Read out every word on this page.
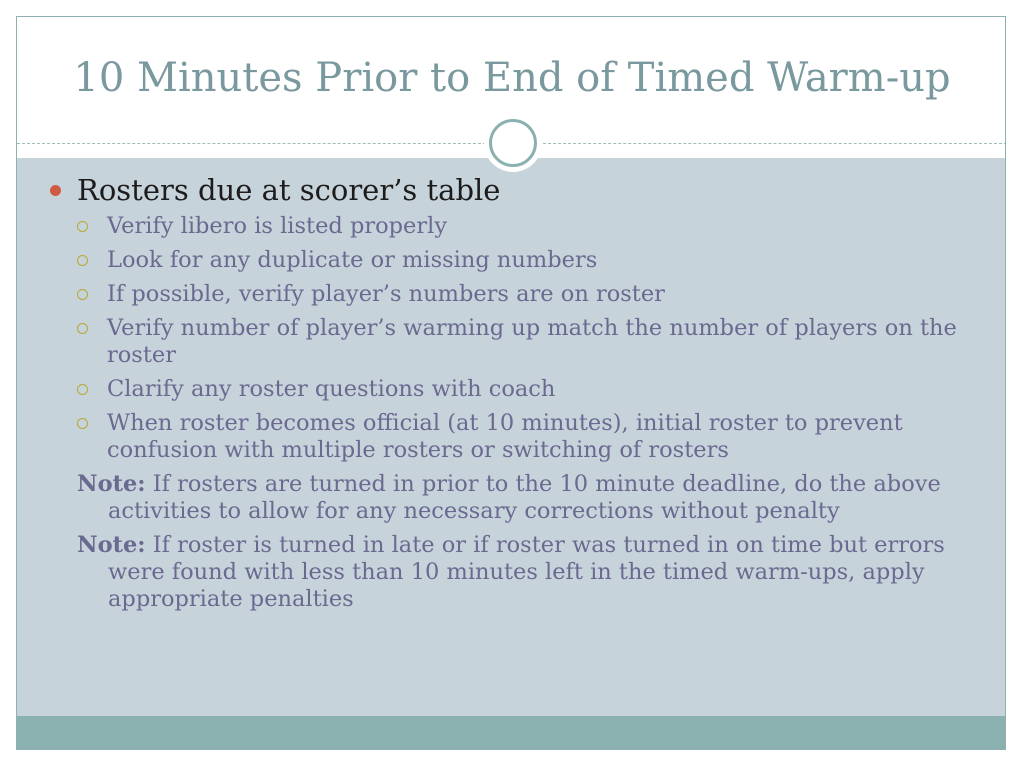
10 Minutes Prior to End of Timed Warm-up
Rosters due at scorer’s table
Verify libero is listed properly
Look for any duplicate or missing numbers
If possible, verify player’s numbers are on roster
Verify number of player’s warming up match the number of players on the roster
Clarify any roster questions with coach
When roster becomes official (at 10 minutes), initial roster to prevent confusion with multiple rosters or switching of rosters
Note: If rosters are turned in prior to the 10 minute deadline, do the above activities to allow for any necessary corrections without penalty
Note: If roster is turned in late or if roster was turned in on time but errors were found with less than 10 minutes left in the timed warm-ups, apply appropriate penalties
